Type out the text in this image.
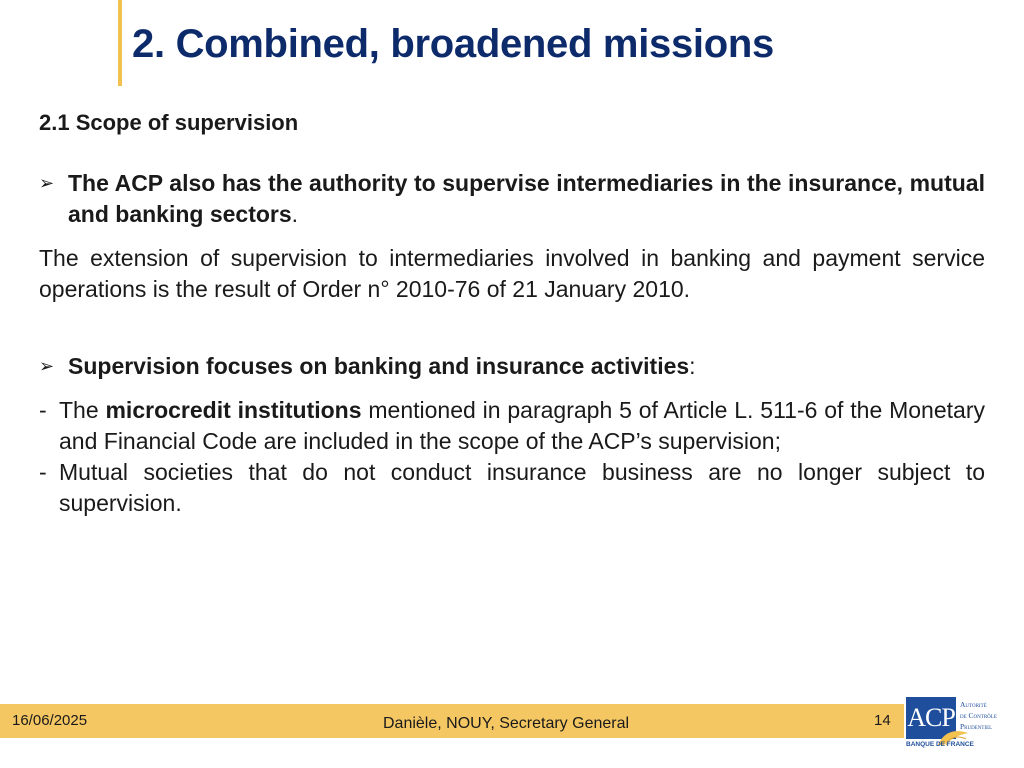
2. Combined, broadened missions
2.1 Scope of supervision
➢ The ACP also has the authority to supervise intermediaries in the insurance, mutual and banking sectors.

The extension of supervision to intermediaries involved in banking and payment service operations is the result of Order n° 2010-76 of 21 January 2010.

➢ Supervision focuses on banking and insurance activities:
- The microcredit institutions mentioned in paragraph 5 of Article L. 511-6 of the Monetary and Financial Code are included in the scope of the ACP’s supervision;
- Mutual societies that do not conduct insurance business are no longer subject to supervision.
16/06/2025	Danièle, NOUY, Secretary General	14 ACP Autorité
de Contrôle
Prudentiel
BANQUE DE FRANCE
